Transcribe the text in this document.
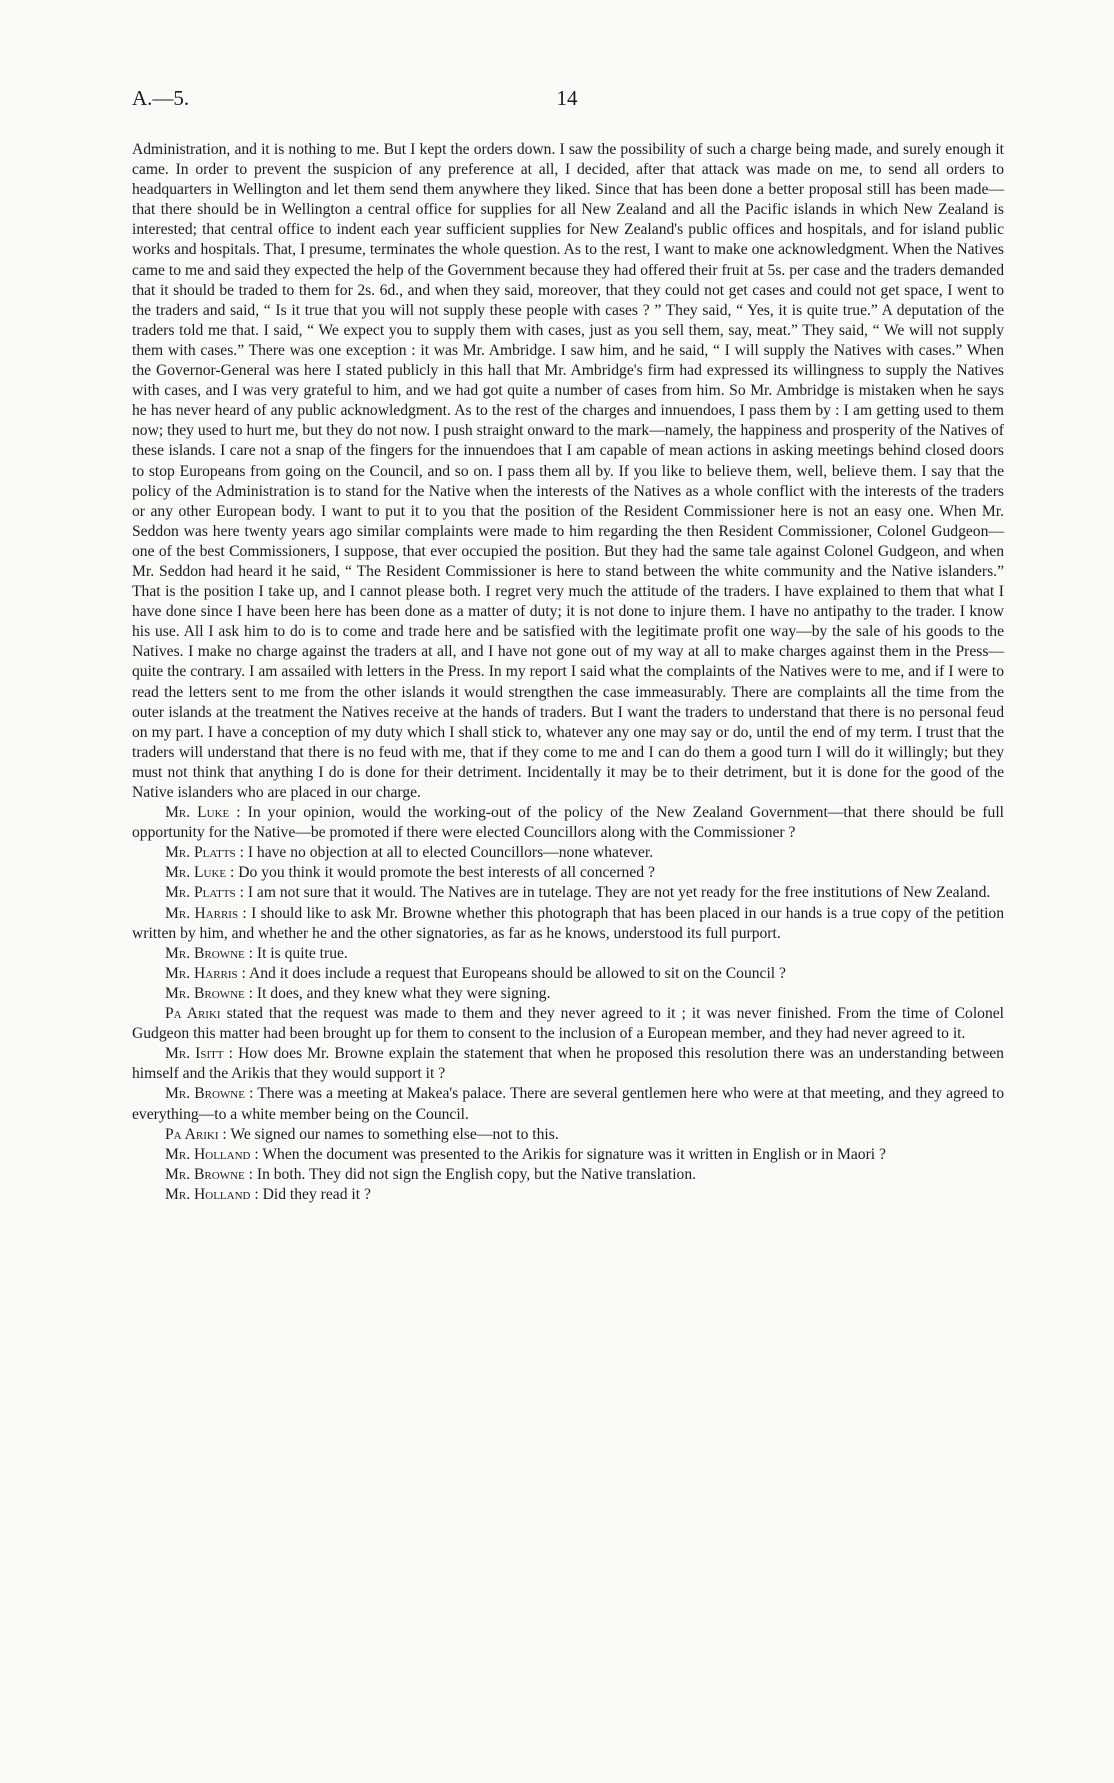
A.—5.	14

Administration, and it is nothing to me. But I kept the orders down. I saw the possibility of such a charge being made, and surely enough it came. In order to prevent the suspicion of any preference at all, I decided, after that attack was made on me, to send all orders to headquarters in Wellington and let them send them anywhere they liked. Since that has been done a better proposal still has been made—that there should be in Wellington a central office for supplies for all New Zealand and all the Pacific islands in which New Zealand is interested; that central office to indent each year sufficient supplies for New Zealand's public offices and hospitals, and for island public works and hospitals. That, I presume, terminates the whole question. As to the rest, I want to make one acknowledgment. When the Natives came to me and said they expected the help of the Government because they had offered their fruit at 5s. per case and the traders demanded that it should be traded to them for 2s. 6d., and when they said, moreover, that they could not get cases and could not get space, I went to the traders and said, “ Is it true that you will not supply these people with cases ? ” They said, “ Yes, it is quite true.” A deputation of the traders told me that. I said, “ We expect you to supply them with cases, just as you sell them, say, meat.” They said, “ We will not supply them with cases.” There was one exception : it was Mr. Ambridge. I saw him, and he said, “ I will supply the Natives with cases.” When the Governor-General was here I stated publicly in this hall that Mr. Ambridge's firm had expressed its willingness to supply the Natives with cases, and I was very grateful to him, and we had got quite a number of cases from him. So Mr. Ambridge is mistaken when he says he has never heard of any public acknowledgment. As to the rest of the charges and innuendoes, I pass them by : I am getting used to them now; they used to hurt me, but they do not now. I push straight onward to the mark—namely, the happiness and prosperity of the Natives of these islands. I care not a snap of the fingers for the innuendoes that I am capable of mean actions in asking meetings behind closed doors to stop Europeans from going on the Council, and so on. I pass them all by. If you like to believe them, well, believe them. I say that the policy of the Administration is to stand for the Native when the interests of the Natives as a whole conflict with the interests of the traders or any other European body. I want to put it to you that the position of the Resident Commissioner here is not an easy one. When Mr. Seddon was here twenty years ago similar complaints were made to him regarding the then Resident Commissioner, Colonel Gudgeon—one of the best Commissioners, I suppose, that ever occupied the position. But they had the same tale against Colonel Gudgeon, and when Mr. Seddon had heard it he said, “ The Resident Commissioner is here to stand between the white community and the Native islanders.” That is the position I take up, and I cannot please both. I regret very much the attitude of the traders. I have explained to them that what I have done since I have been here has been done as a matter of duty; it is not done to injure them. I have no antipathy to the trader. I know his use. All I ask him to do is to come and trade here and be satisfied with the legitimate profit one way—by the sale of his goods to the Natives. I make no charge against the traders at all, and I have not gone out of my way at all to make charges against them in the Press—quite the contrary. I am assailed with letters in the Press. In my report I said what the complaints of the Natives were to me, and if I were to read the letters sent to me from the other islands it would strengthen the case immeasurably. There are complaints all the time from the outer islands at the treatment the Natives receive at the hands of traders. But I want the traders to understand that there is no personal feud on my part. I have a conception of my duty which I shall stick to, whatever any one may say or do, until the end of my term. I trust that the traders will understand that there is no feud with me, that if they come to me and I can do them a good turn I will do it willingly; but they must not think that anything I do is done for their detriment. Incidentally it may be to their detriment, but it is done for the good of the Native islanders who are placed in our charge.

Mr. Luke : In your opinion, would the working-out of the policy of the New Zealand Government—that there should be full opportunity for the Native—be promoted if there were elected Councillors along with the Commissioner ?

Mr. Platts : I have no objection at all to elected Councillors—none whatever.

Mr. Luke : Do you think it would promote the best interests of all concerned ?

Mr. Platts : I am not sure that it would. The Natives are in tutelage. They are not yet ready for the free institutions of New Zealand.

Mr. Harris : I should like to ask Mr. Browne whether this photograph that has been placed in our hands is a true copy of the petition written by him, and whether he and the other signatories, as far as he knows, understood its full purport.

Mr. Browne : It is quite true.

Mr. Harris : And it does include a request that Europeans should be allowed to sit on the Council ?

Mr. Browne : It does, and they knew what they were signing.

Pa Ariki stated that the request was made to them and they never agreed to it ; it was never finished. From the time of Colonel Gudgeon this matter had been brought up for them to consent to the inclusion of a European member, and they had never agreed to it.

Mr. Isitt : How does Mr. Browne explain the statement that when he proposed this resolution there was an understanding between himself and the Arikis that they would support it ?

Mr. Browne : There was a meeting at Makea's palace. There are several gentlemen here who were at that meeting, and they agreed to everything—to a white member being on the Council.

Pa Ariki : We signed our names to something else—not to this.

Mr. Holland : When the document was presented to the Arikis for signature was it written in English or in Maori ?

Mr. Browne : In both. They did not sign the English copy, but the Native translation.

Mr. Holland : Did they read it ?
